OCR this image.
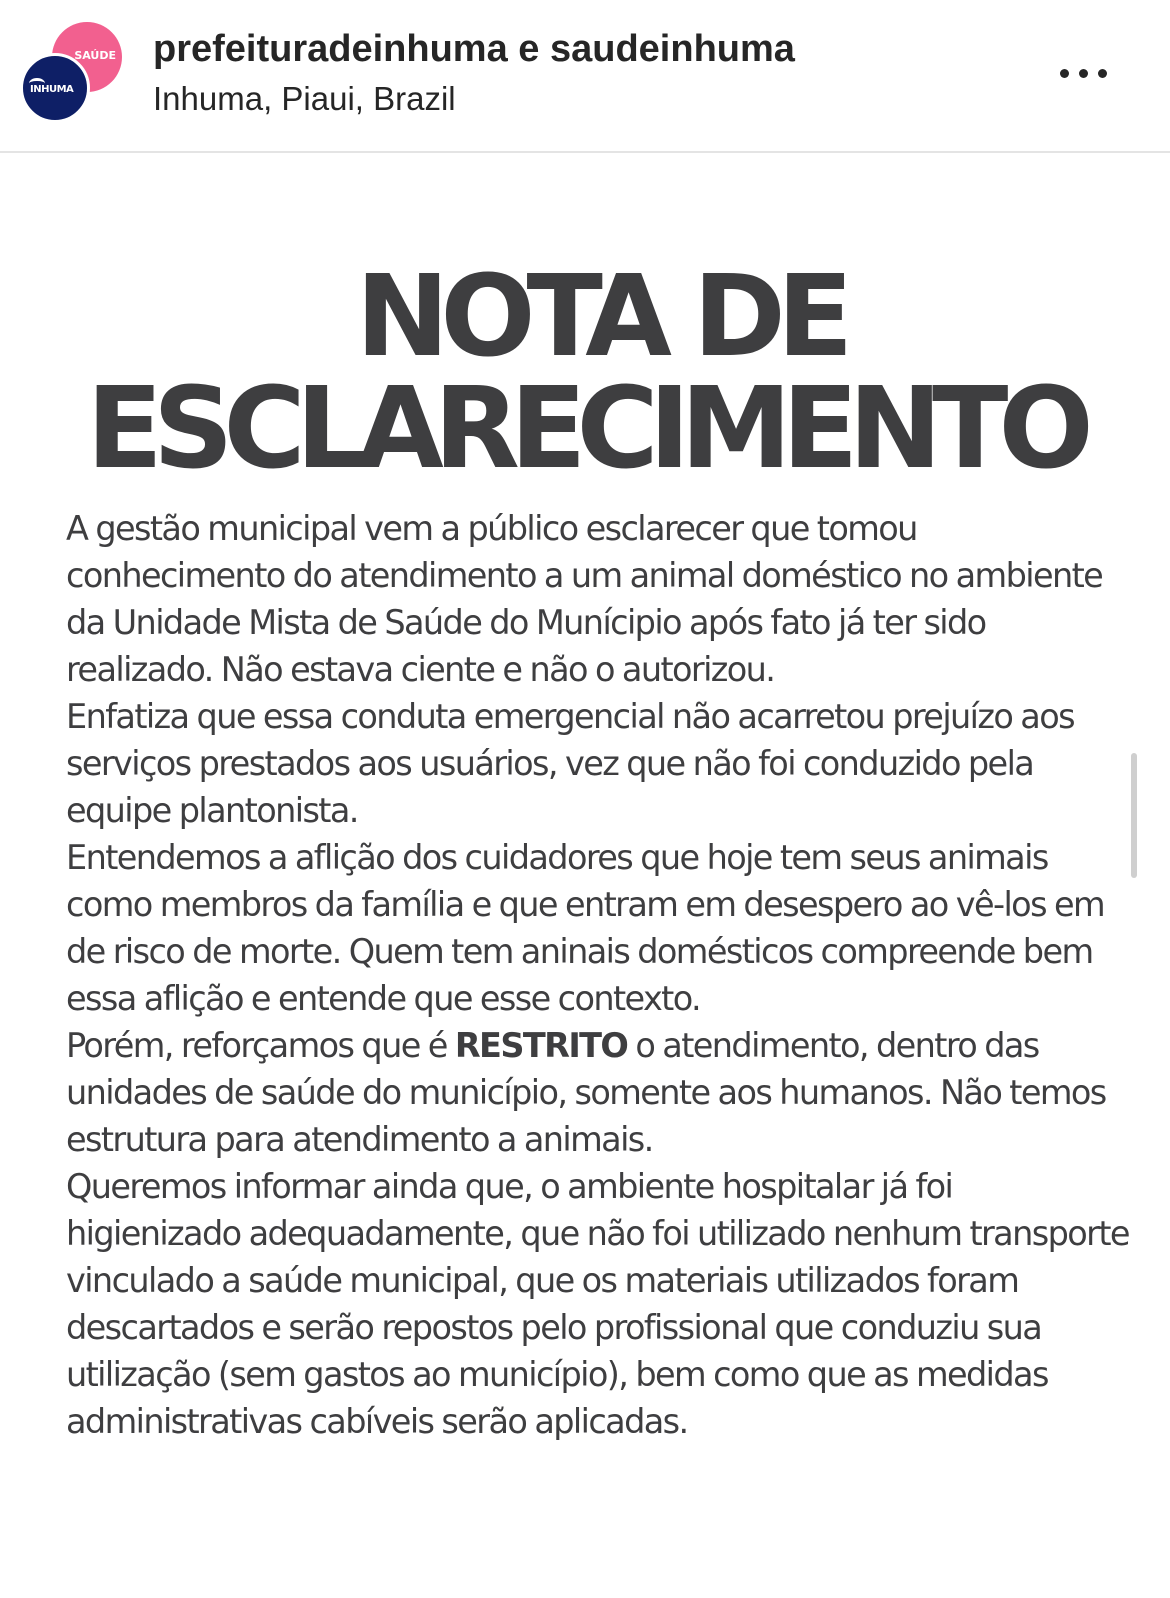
SAÚDE
INHUMA
prefeituradeinhuma e saudeinhuma
Inhuma, Piaui, Brazil
NOTA DE
ESCLARECIMENTO

A gestão municipal vem a público esclarecer que tomou conhecimento do atendimento a um animal doméstico no ambiente da Unidade Mista de Saúde do Munícipio após fato já ter sido realizado. Não estava ciente e não o autorizou.

Enfatiza que essa conduta emergencial não acarretou prejuízo aos serviços prestados aos usuários, vez que não foi conduzido pela equipe plantonista.

Entendemos a aflição dos cuidadores que hoje tem seus animais como membros da família e que entram em desespero ao vê-los em de risco de morte. Quem tem aninais domésticos compreende bem essa aflição e entende que esse contexto.

Porém, reforçamos que é RESTRITO o atendimento, dentro das unidades de saúde do município, somente aos humanos. Não temos estrutura para atendimento a animais.

Queremos informar ainda que, o ambiente hospitalar já foi higienizado adequadamente, que não foi utilizado nenhum transporte vinculado a saúde municipal, que os materiais utilizados foram descartados e serão repostos pelo profissional que conduziu sua utilização (sem gastos ao município), bem como que as medidas administrativas cabíveis serão aplicadas.
